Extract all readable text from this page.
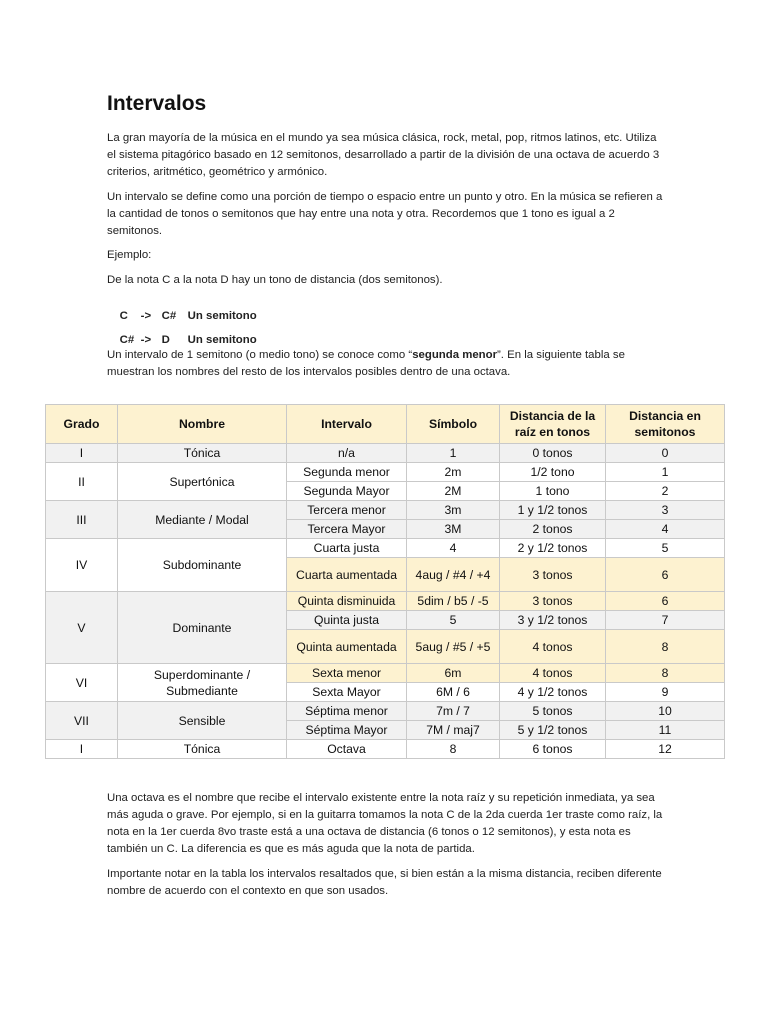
Intervalos

La gran mayoría de la música en el mundo ya sea música clásica, rock, metal, pop, ritmos latinos, etc. Utiliza el sistema pitagórico basado en 12 semitonos, desarrollado a partir de la división de una octava de acuerdo 3 criterios, aritmético, geométrico y armónico.

Un intervalo se define como una porción de tiempo o espacio entre un punto y otro. En la música se refieren a la cantidad de tonos o semitonos que hay entre una nota y otra. Recordemos que 1 tono es igual a 2 semitonos.

Ejemplo:

De la nota C a la nota D hay un tono de distancia (dos semitonos).

C -> C# Un semitono

C# -> D Un semitono

Un intervalo de 1 semitono (o medio tono) se conoce como “segunda menor”. En la siguiente tabla se muestran los nombres del resto de los intervalos posibles dentro de una octava.

Grado	Nombre	Intervalo	Símbolo	Distancia de la raíz en tonos	Distancia en semitonos
I	Tónica	n/a	1	0 tonos	0
II	Supertónica	Segunda menor	2m	1/2 tono	1
		Segunda Mayor	2M	1 tono	2
III	Mediante / Modal	Tercera menor	3m	1 y 1/2 tonos	3
		Tercera Mayor	3M	2 tonos	4
IV	Subdominante	Cuarta justa	4	2 y 1/2 tonos	5
		Cuarta aumentada	4aug / #4 / +4	3 tonos	6
V	Dominante	Quinta disminuida	5dim / b5 / -5	3 tonos	6
		Quinta justa	5	3 y 1/2 tonos	7
		Quinta aumentada	5aug / #5 / +5	4 tonos	8
VI	Superdominante / Submediante	Sexta menor	6m	4 tonos	8
		Sexta Mayor	6M / 6	4 y 1/2 tonos	9
VII	Sensible	Séptima menor	7m / 7	5 tonos	10
		Séptima Mayor	7M / maj7	5 y 1/2 tonos	11
I	Tónica	Octava	8	6 tonos	12

Una octava es el nombre que recibe el intervalo existente entre la nota raíz y su repetición inmediata, ya sea más aguda o grave. Por ejemplo, si en la guitarra tomamos la nota C de la 2da cuerda 1er traste como raíz, la nota en la 1er cuerda 8vo traste está a una octava de distancia (6 tonos o 12 semitonos), y esta nota es también un C. La diferencia es que es más aguda que la nota de partida.

Importante notar en la tabla los intervalos resaltados que, si bien están a la misma distancia, reciben diferente nombre de acuerdo con el contexto en que son usados.
